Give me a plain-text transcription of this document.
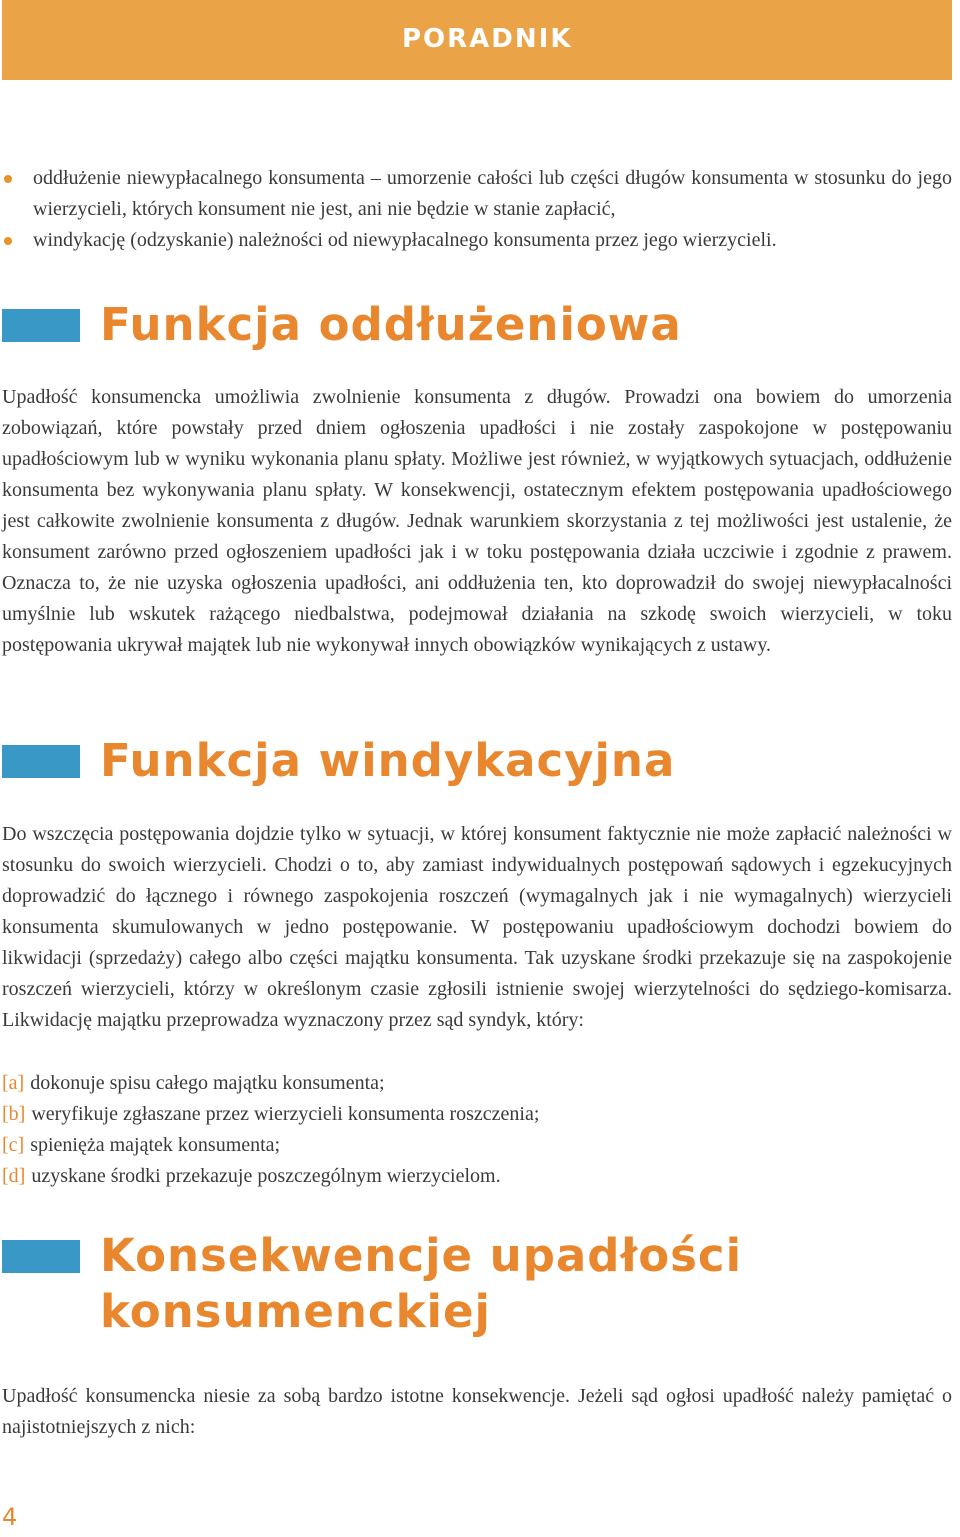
PORADNIK
oddłużenie niewypłacalnego konsumenta – umorzenie całości lub części długów konsumenta w stosunku do jego wierzycieli, których konsument nie jest, ani nie będzie w stanie zapłacić,
windykację (odzyskanie) należności od niewypłacalnego konsumenta przez jego wierzycieli.
Funkcja oddłużeniowa

Upadłość konsumencka umożliwia zwolnienie konsumenta z długów. Prowadzi ona bowiem do umorzenia zobowiązań, które powstały przed dniem ogłoszenia upadłości i nie zostały zaspokojone w postępowaniu upadłościowym lub w wyniku wykonania planu spłaty. Możliwe jest również, w wyjątkowych sytuacjach, oddłużenie konsumenta bez wykonywania planu spłaty. W konsekwencji, ostatecznym efektem postępowania upadłościowego jest całkowite zwolnienie konsumenta z długów. Jednak warunkiem skorzystania z tej możliwości jest ustalenie, że konsument zarówno przed ogłoszeniem upadłości jak i w toku postępowania działa uczciwie i zgodnie z prawem. Oznacza to, że nie uzyska ogłoszenia upadłości, ani oddłużenia ten, kto doprowadził do swojej niewypłacalności umyślnie lub wskutek rażącego niedbalstwa, podejmował działania na szkodę swoich wierzycieli, w toku postępowania ukrywał majątek lub nie wykonywał innych obowiązków wynikających z ustawy.

Funkcja windykacyjna

Do wszczęcia postępowania dojdzie tylko w sytuacji, w której konsument faktycznie nie może zapłacić należności w stosunku do swoich wierzycieli. Chodzi o to, aby zamiast indywidualnych postępowań sądowych i egzekucyjnych doprowadzić do łącznego i równego zaspokojenia roszczeń (wymagalnych jak i nie wymagalnych) wierzycieli konsumenta skumulowanych w jedno postępowanie. W postępowaniu upadłościowym dochodzi bowiem do likwidacji (sprzedaży) całego albo części majątku konsumenta. Tak uzyskane środki przekazuje się na zaspokojenie roszczeń wierzycieli, którzy w określonym czasie zgłosili istnienie swojej wierzytelności do sędziego-komisarza. Likwidację majątku przeprowadza wyznaczony przez sąd syndyk, który:

[a] dokonuje spisu całego majątku konsumenta;
[b] weryfikuje zgłaszane przez wierzycieli konsumenta roszczenia;
[c] spienięża majątek konsumenta;
[d] uzyskane środki przekazuje poszczególnym wierzycielom.
Konsekwencje upadłości
konsumenckiej

Upadłość konsumencka niesie za sobą bardzo istotne konsekwencje. Jeżeli sąd ogłosi upadłość należy pamiętać o najistotniejszych z nich:

4
